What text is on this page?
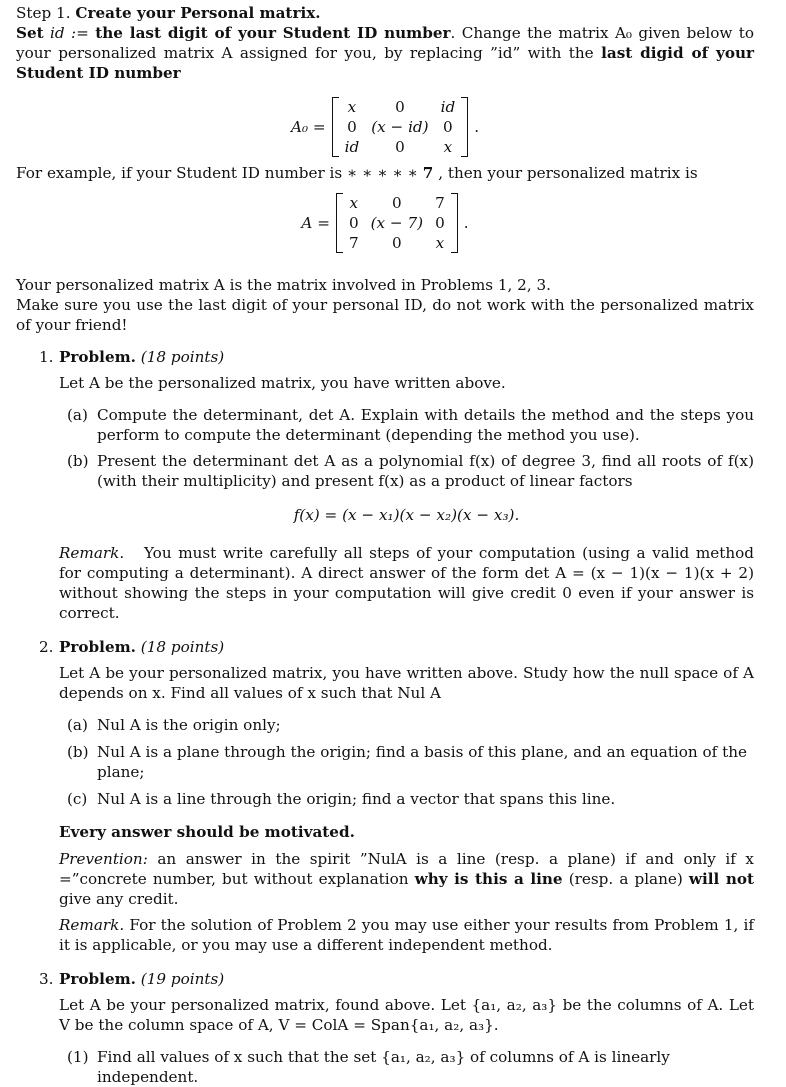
Step 1. Create your Personal matrix.

Set id := the last digit of your Student ID number. Change the matrix A₀ given below to your personalized matrix A assigned for you, by replacing ”id” with the last digid of your Student ID number

A₀ =
x	0	id
0	(x − id)	0
id	0	x
.

For example, if your Student ID number is ∗ ∗ ∗ ∗ ∗ 7 , then your personalized matrix is

A =
x	0	7
0	(x − 7)	0
7	0	x
.

Your personalized matrix A is the matrix involved in Problems 1, 2, 3.

Make sure you use the last digit of your personal ID, do not work with the personalized matrix of your friend!

1. Problem. (18 points)

Let A be the personalized matrix, you have written above.

(a) Compute the determinant, det A. Explain with details the method and the steps you perform to compute the determinant (depending the method you use).
(b) Present the determinant det A as a polynomial f(x) of degree 3, find all roots of f(x) (with their multiplicity) and present f(x) as a product of linear factors

f(x) = (x − x₁)(x − x₂)(x − x₃).

Remark. You must write carefully all steps of your computation (using a valid method for computing a determinant). A direct answer of the form det A = (x − 1)(x − 1)(x + 2) without showing the steps in your computation will give credit 0 even if your answer is correct.

2. Problem. (18 points)

Let A be your personalized matrix, you have written above. Study how the null space of A depends on x. Find all values of x such that Nul A

(a) Nul A is the origin only;
(b) Nul A is a plane through the origin; find a basis of this plane, and an equation of the plane;
(c) Nul A is a line through the origin; find a vector that spans this line.

Every answer should be motivated.

Prevention: an answer in the spirit ”NulA is a line (resp. a plane) if and only if x =”concrete number, but without explanation why is this a line (resp. a plane) will not give any credit.

Remark. For the solution of Problem 2 you may use either your results from Problem 1, if it is applicable, or you may use a different independent method.

3. Problem. (19 points)

Let A be your personalized matrix, found above. Let {a₁, a₂, a₃} be the columns of A. Let V be the column space of A, V = ColA = Span{a₁, a₂, a₃}.

(1) Find all values of x such that the set {a₁, a₂, a₃} of columns of A is linearly independent.
